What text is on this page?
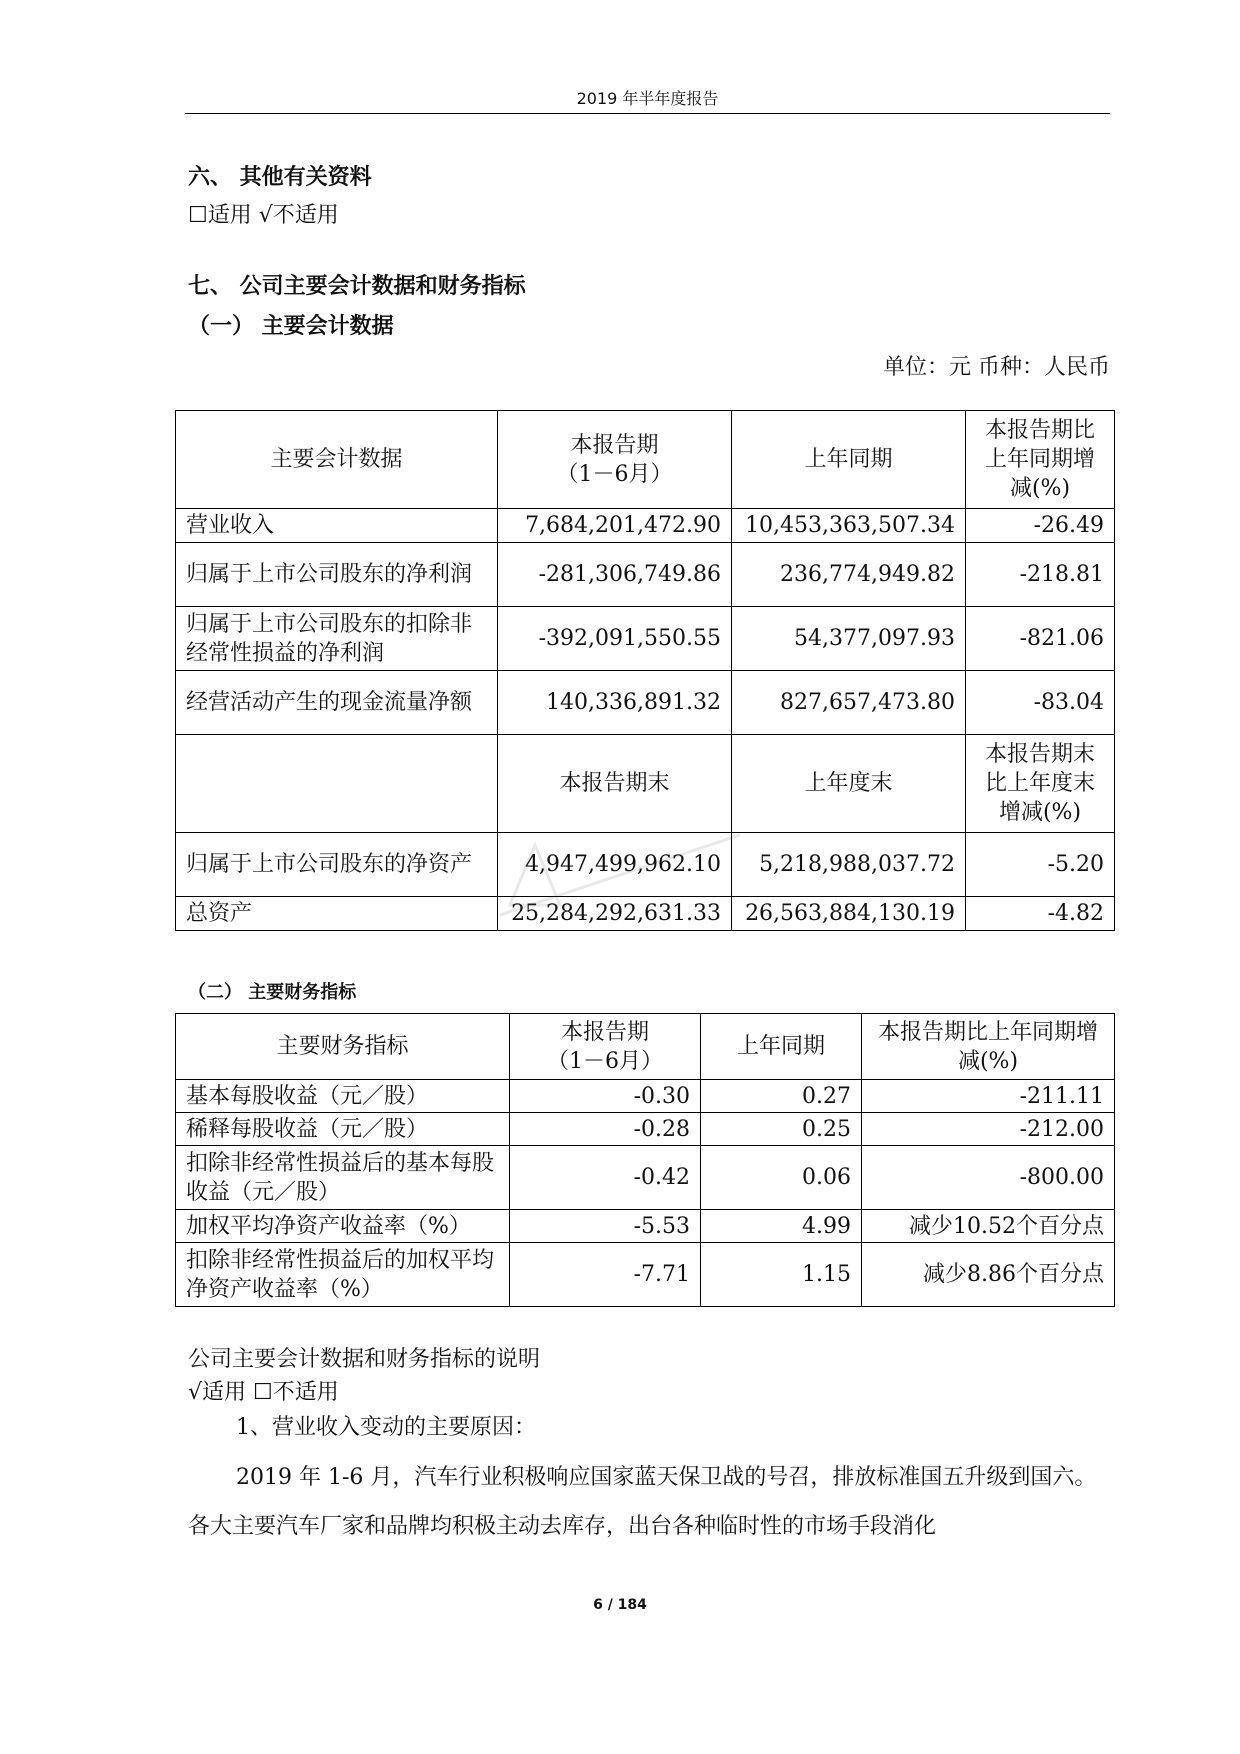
2019 年半年度报告
六、 其他有关资料
☐适用 √不适用
七、 公司主要会计数据和财务指标
（一） 主要会计数据
单位：元 币种：人民币
主要会计数据	本报告期
（1－6月）	上年同期	本报告期比上年同期增减(%)
营业收入	7,684,201,472.90	10,453,363,507.34	-26.49
归属于上市公司股东的净利润	-281,306,749.86	236,774,949.82	-218.81
归属于上市公司股东的扣除非经常性损益的净利润	-392,091,550.55	54,377,097.93	-821.06
经营活动产生的现金流量净额	140,336,891.32	827,657,473.80	-83.04
	本报告期末	上年度末	本报告期末比上年度末增减(%)
归属于上市公司股东的净资产	4,947,499,962.10	5,218,988,037.72	-5.20
总资产	25,284,292,631.33	26,563,884,130.19	-4.82
（二） 主要财务指标
主要财务指标	本报告期
（1－6月）	上年同期	本报告期比上年同期增减(%)
基本每股收益（元／股）	-0.30	0.27	-211.11
稀释每股收益（元／股）	-0.28	0.25	-212.00
扣除非经常性损益后的基本每股收益（元／股）	-0.42	0.06	-800.00
加权平均净资产收益率（%）	-5.53	4.99	减少10.52个百分点
扣除非经常性损益后的加权平均净资产收益率（%）	-7.71	1.15	减少8.86个百分点
公司主要会计数据和财务指标的说明
√适用 ☐不适用
1、营业收入变动的主要原因：
2019 年 1-6 月，汽车行业积极响应国家蓝天保卫战的号召，排放标准国五升级到国六。各大主要汽车厂家和品牌均积极主动去库存，出台各种临时性的市场手段消化
6 / 184
